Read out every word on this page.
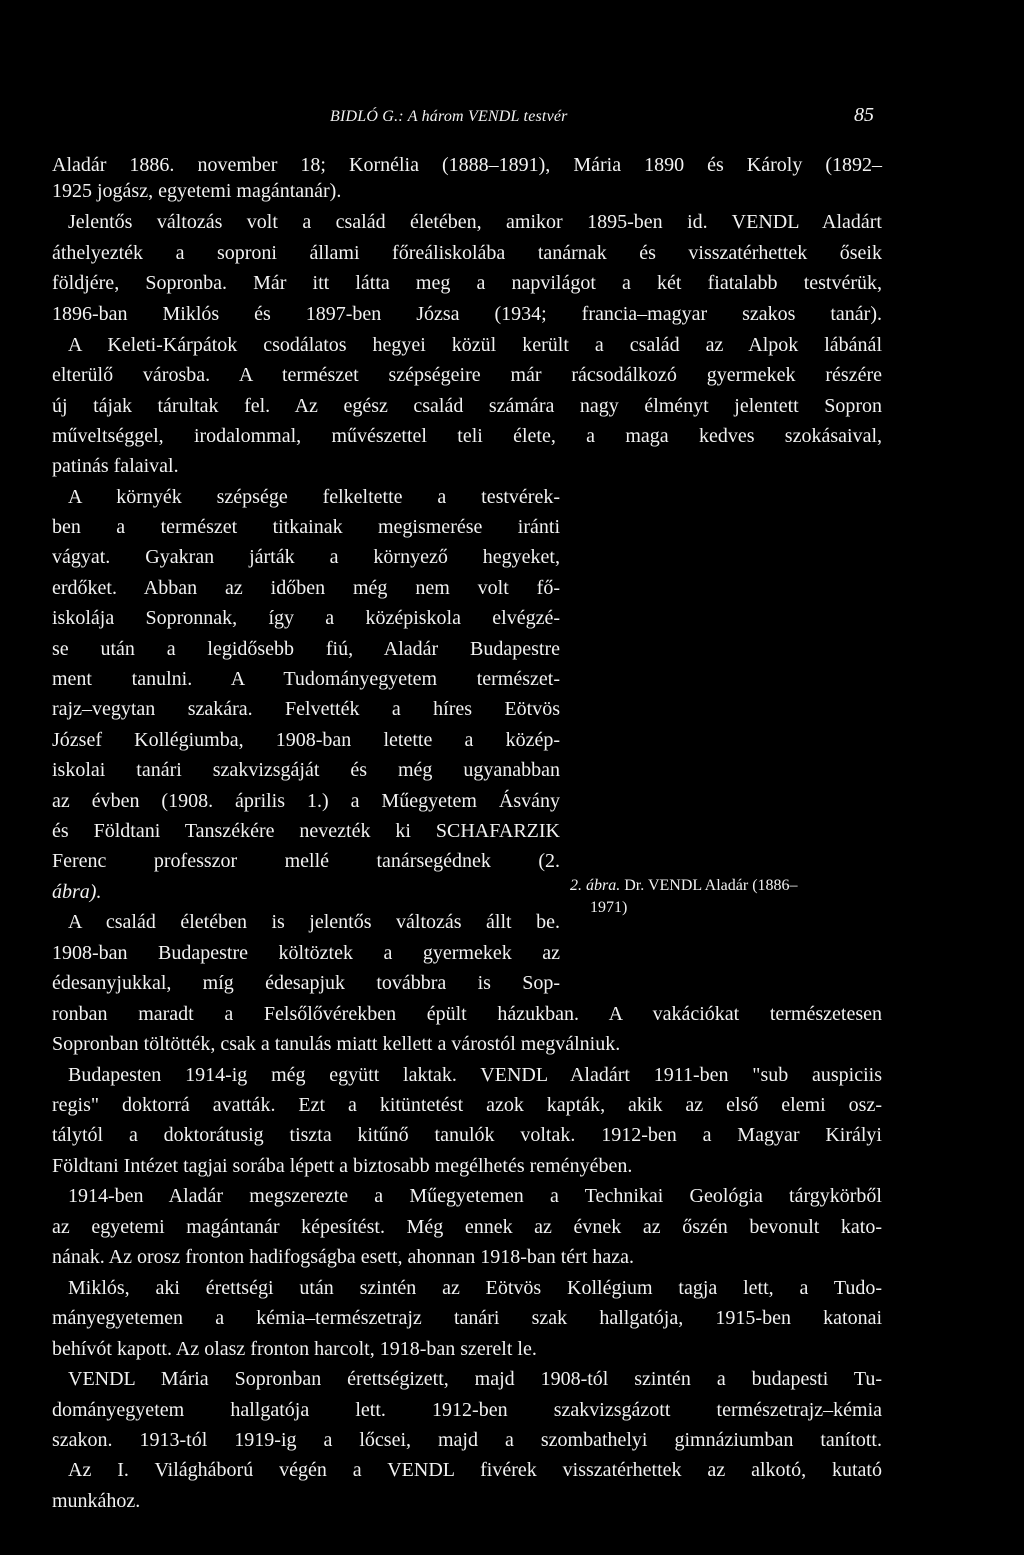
BIDLÓ G.: A három VENDL testvér	85
Aladár 1886. november 18; Kornélia (1888–1891), Mária 1890 és Károly (1892–
1925 jogász, egyetemi magántanár).
Jelentős változás volt a család életében, amikor 1895-ben id. VENDL Aladárt
áthelyezték a soproni állami főreáliskolába tanárnak és visszatérhettek őseik
földjére, Sopronba. Már itt látta meg a napvilágot a két fiatalabb testvérük,
1896-ban Miklós és 1897-ben Józsa (1934; francia–magyar szakos tanár).
A Keleti-Kárpátok csodálatos hegyei közül került a család az Alpok lábánál
elterülő városba. A természet szépségeire már rácsodálkozó gyermekek részére
új tájak tárultak fel. Az egész család számára nagy élményt jelentett Sopron
műveltséggel, irodalommal, művészettel teli élete, a maga kedves szokásaival,
patinás falaival.
A környék szépsége felkeltette a testvérek-
ben a természet titkainak megismerése iránti
vágyat. Gyakran járták a környező hegyeket,
erdőket. Abban az időben még nem volt fő-
iskolája Sopronnak, így a középiskola elvégzé-
se után a legidősebb fiú, Aladár Budapestre
ment tanulni. A Tudományegyetem természet-
rajz–vegytan szakára. Felvették a híres Eötvös
József Kollégiumba, 1908-ban letette a közép-
iskolai tanári szakvizsgáját és még ugyanabban
az évben (1908. április 1.) a Műegyetem Ásvány
és Földtani Tanszékére nevezték ki SCHAFARZIK
Ferenc professzor mellé tanársegédnek (2.
ábra).
A család életében is jelentős változás állt be.
1908-ban Budapestre költöztek a gyermekek az
édesanyjukkal, míg édesapjuk továbbra is Sop-
ronban maradt a Felsőlővérekben épült házukban. A vakációkat természetesen
Sopronban töltötték, csak a tanulás miatt kellett a várostól megválniuk.
Budapesten 1914-ig még együtt laktak. VENDL Aladárt 1911-ben "sub auspiciis
regis" doktorrá avatták. Ezt a kitüntetést azok kapták, akik az első elemi osz-
tálytól a doktorátusig tiszta kitűnő tanulók voltak. 1912-ben a Magyar Királyi
Földtani Intézet tagjai sorába lépett a biztosabb megélhetés reményében.
1914-ben Aladár megszerezte a Műegyetemen a Technikai Geológia tárgykörből
az egyetemi magántanár képesítést. Még ennek az évnek az őszén bevonult kato-
nának. Az orosz fronton hadifogságba esett, ahonnan 1918-ban tért haza.
Miklós, aki érettségi után szintén az Eötvös Kollégium tagja lett, a Tudo-
mányegyetemen a kémia–természetrajz tanári szak hallgatója, 1915-ben katonai
behívót kapott. Az olasz fronton harcolt, 1918-ban szerelt le.
VENDL Mária Sopronban érettségizett, majd 1908-tól szintén a budapesti Tu-
dományegyetem hallgatója lett. 1912-ben szakvizsgázott természetrajz–kémia
szakon. 1913-tól 1919-ig a lőcsei, majd a szombathelyi gimnáziumban tanított.
Az I. Világháború végén a VENDL fivérek visszatérhettek az alkotó, kutató
munkához.
2. ábra. Dr. VENDL Aladár (1886–
1971)
